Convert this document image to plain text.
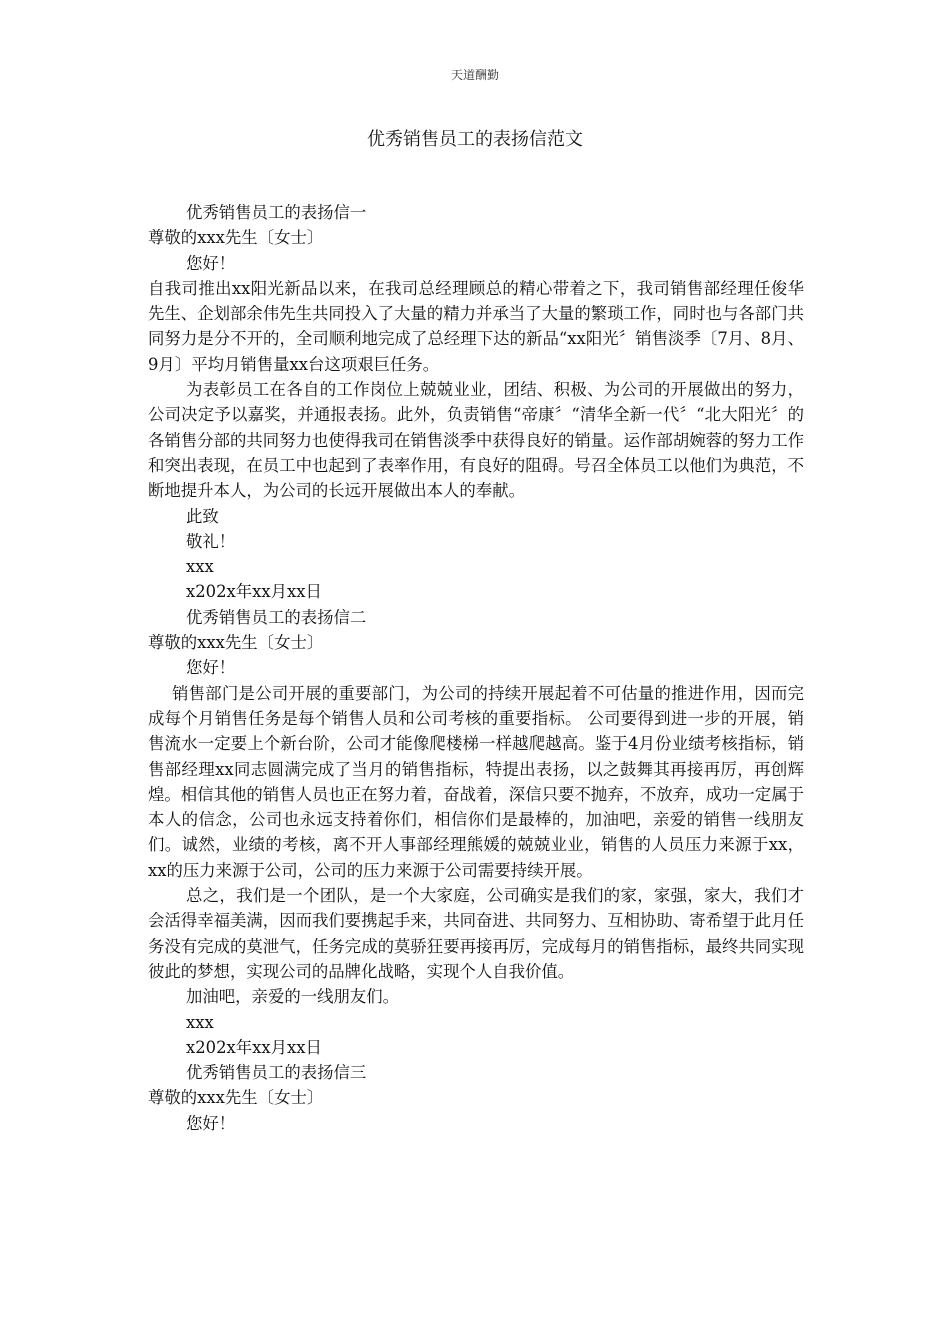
天道酬勤
优秀销售员工的表扬信范文

优秀销售员工的表扬信一

尊敬的xxx先生〔女士〕

您好！

自我司推出xx阳光新品以来，在我司总经理顾总的精心带着之下，我司销售部经理任俊华先生、企划部余伟先生共同投入了大量的精力并承当了大量的繁琐工作，同时也与各部门共同努力是分不开的，全司顺利地完成了总经理下达的新品“xx阳光〞销售淡季〔7月、8月、9月〕平均月销售量xx台这项艰巨任务。

为表彰员工在各自的工作岗位上兢兢业业，团结、积极、为公司的开展做出的努力，公司决定予以嘉奖，并通报表扬。此外，负责销售“帝康〞“清华全新一代〞“北大阳光〞的各销售分部的共同努力也使得我司在销售淡季中获得良好的销量。运作部胡婉蓉的努力工作和突出表现，在员工中也起到了表率作用，有良好的阻碍。号召全体员工以他们为典范，不断地提升本人，为公司的长远开展做出本人的奉献。

此致

敬礼！

xxx

x202x年xx月xx日

优秀销售员工的表扬信二

尊敬的xxx先生〔女士〕

您好！

销售部门是公司开展的重要部门，为公司的持续开展起着不可估量的推进作用，因而完成每个月销售任务是每个销售人员和公司考核的重要指标。 公司要得到进一步的开展，销售流水一定要上个新台阶，公司才能像爬楼梯一样越爬越高。鉴于4月份业绩考核指标，销售部经理xx同志圆满完成了当月的销售指标，特提出表扬，以之鼓舞其再接再厉，再创辉煌。相信其他的销售人员也正在努力着，奋战着，深信只要不抛弃，不放弃，成功一定属于本人的信念，公司也永远支持着你们，相信你们是最棒的，加油吧，亲爱的销售一线朋友们。诚然，业绩的考核，离不开人事部经理熊媛的兢兢业业，销售的人员压力来源于xx，xx的压力来源于公司，公司的压力来源于公司需要持续开展。

总之，我们是一个团队，是一个大家庭，公司确实是我们的家，家强，家大，我们才会活得幸福美满，因而我们要携起手来，共同奋进、共同努力、互相协助、寄希望于此月任务没有完成的莫泄气，任务完成的莫骄狂要再接再厉，完成每月的销售指标，最终共同实现彼此的梦想，实现公司的品牌化战略，实现个人自我价值。

加油吧，亲爱的一线朋友们。

xxx

x202x年xx月xx日

优秀销售员工的表扬信三

尊敬的xxx先生〔女士〕

您好！
